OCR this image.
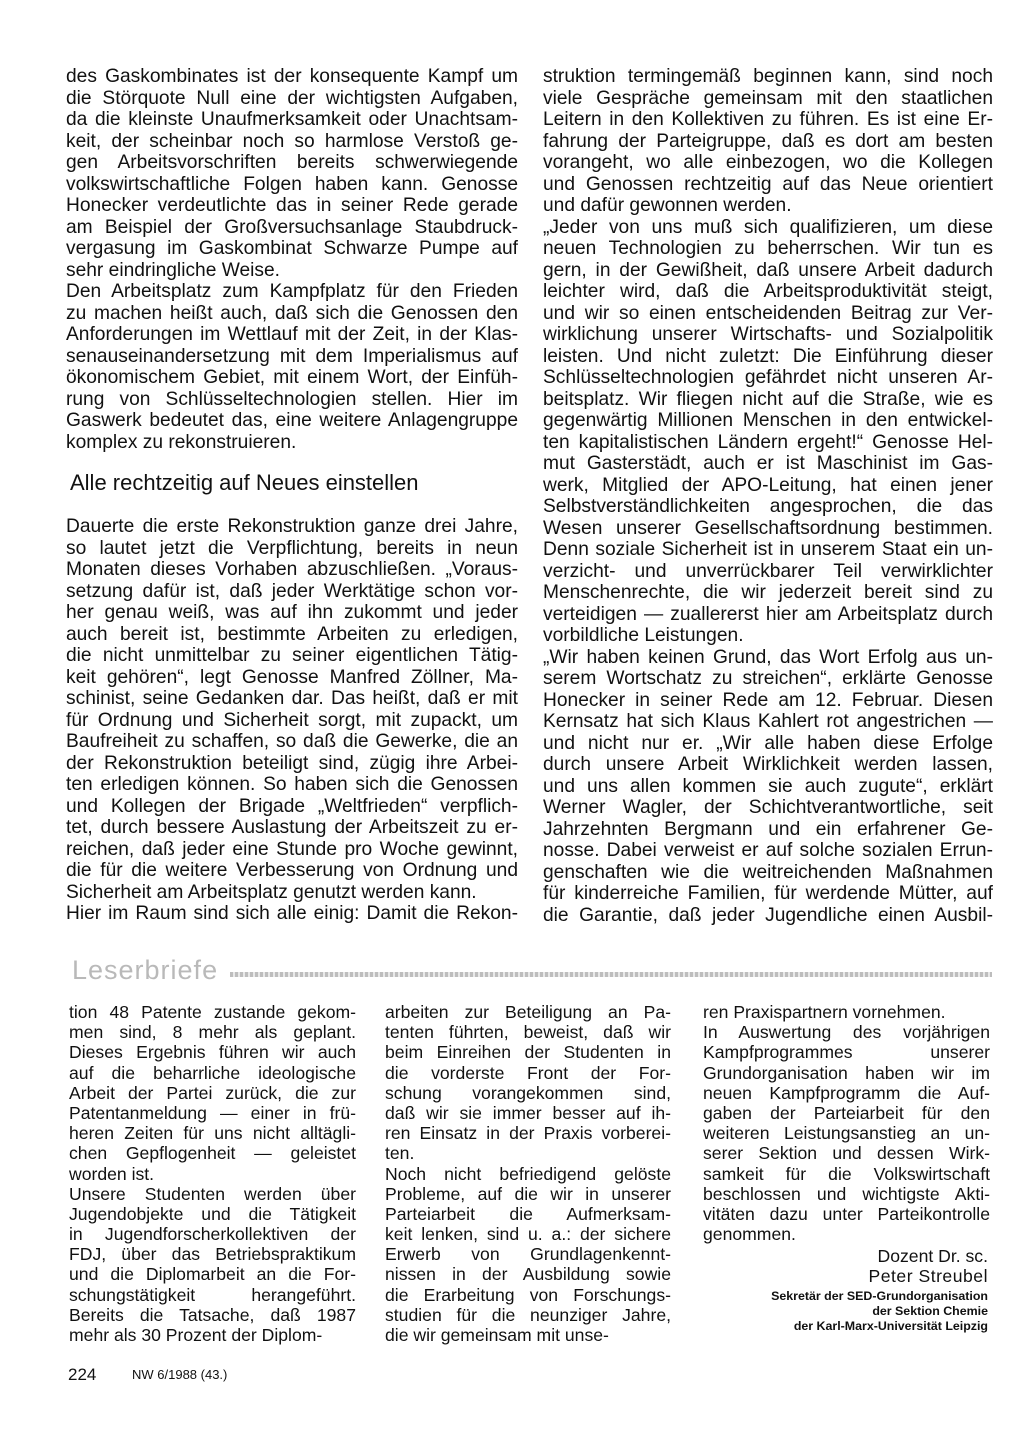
des Gaskombinates ist der konsequente Kampf um
die Störquote Null eine der wichtigsten Aufgaben,
da die kleinste Unaufmerksamkeit oder Unachtsam-
keit, der scheinbar noch so harmlose Verstoß ge-
gen Arbeitsvorschriften bereits schwerwiegende
volkswirtschaftliche Folgen haben kann. Genosse
Honecker verdeutlichte das in seiner Rede gerade
am Beispiel der Großversuchsanlage Staubdruck-
vergasung im Gaskombinat Schwarze Pumpe auf
sehr eindringliche Weise.
Den Arbeitsplatz zum Kampfplatz für den Frieden
zu machen heißt auch, daß sich die Genossen den
Anforderungen im Wettlauf mit der Zeit, in der Klas-
senauseinandersetzung mit dem Imperialismus auf
ökonomischem Gebiet, mit einem Wort, der Einfüh-
rung von Schlüsseltechnologien stellen. Hier im
Gaswerk bedeutet das, eine weitere Anlagengruppe
komplex zu rekonstruieren.
struktion termingemäß beginnen kann, sind noch
viele Gespräche gemeinsam mit den staatlichen
Leitern in den Kollektiven zu führen. Es ist eine Er-
fahrung der Parteigruppe, daß es dort am besten
vorangeht, wo alle einbezogen, wo die Kollegen
und Genossen rechtzeitig auf das Neue orientiert
und dafür gewonnen werden.
„Jeder von uns muß sich qualifizieren, um diese
neuen Technologien zu beherrschen. Wir tun es
gern, in der Gewißheit, daß unsere Arbeit dadurch
leichter wird, daß die Arbeitsproduktivität steigt,
und wir so einen entscheidenden Beitrag zur Ver-
wirklichung unserer Wirtschafts- und Sozialpolitik
leisten. Und nicht zuletzt: Die Einführung dieser
Schlüsseltechnologien gefährdet nicht unseren Ar-
beitsplatz. Wir fliegen nicht auf die Straße, wie es
gegenwärtig Millionen Menschen in den entwickel-
ten kapitalistischen Ländern ergeht!“ Genosse Hel-
mut Gasterstädt, auch er ist Maschinist im Gas-
werk, Mitglied der APO-Leitung, hat einen jener
Selbstverständlichkeiten angesprochen, die das
Wesen unserer Gesellschaftsordnung bestimmen.
Denn soziale Sicherheit ist in unserem Staat ein un-
verzicht- und unverrückbarer Teil verwirklichter
Menschenrechte, die wir jederzeit bereit sind zu
verteidigen — zuallererst hier am Arbeitsplatz durch
vorbildliche Leistungen.
„Wir haben keinen Grund, das Wort Erfolg aus un-
serem Wortschatz zu streichen“, erklärte Genosse
Honecker in seiner Rede am 12. Februar. Diesen
Kernsatz hat sich Klaus Kahlert rot angestrichen —
und nicht nur er. „Wir alle haben diese Erfolge
durch unsere Arbeit Wirklichkeit werden lassen,
und uns allen kommen sie auch zugute“, erklärt
Werner Wagler, der Schichtverantwortliche, seit
Jahrzehnten Bergmann und ein erfahrener Ge-
nosse. Dabei verweist er auf solche sozialen Errun-
genschaften wie die weitreichenden Maßnahmen
für kinderreiche Familien, für werdende Mütter, auf
die Garantie, daß jeder Jugendliche einen Ausbil-
Alle rechtzeitig auf Neues einstellen
Dauerte die erste Rekonstruktion ganze drei Jahre,
so lautet jetzt die Verpflichtung, bereits in neun
Monaten dieses Vorhaben abzuschließen. „Voraus-
setzung dafür ist, daß jeder Werktätige schon vor-
her genau weiß, was auf ihn zukommt und jeder
auch bereit ist, bestimmte Arbeiten zu erledigen,
die nicht unmittelbar zu seiner eigentlichen Tätig-
keit gehören“, legt Genosse Manfred Zöllner, Ma-
schinist, seine Gedanken dar. Das heißt, daß er mit
für Ordnung und Sicherheit sorgt, mit zupackt, um
Baufreiheit zu schaffen, so daß die Gewerke, die an
der Rekonstruktion beteiligt sind, zügig ihre Arbei-
ten erledigen können. So haben sich die Genossen
und Kollegen der Brigade „Weltfrieden“ verpflich-
tet, durch bessere Auslastung der Arbeitszeit zu er-
reichen, daß jeder eine Stunde pro Woche gewinnt,
die für die weitere Verbesserung von Ordnung und
Sicherheit am Arbeitsplatz genutzt werden kann.
Hier im Raum sind sich alle einig: Damit die Rekon-
Leserbriefe
tion 48 Patente zustande gekom-
men sind, 8 mehr als geplant.
Dieses Ergebnis führen wir auch
auf die beharrliche ideologische
Arbeit der Partei zurück, die zur
Patentanmeldung — einer in frü-
heren Zeiten für uns nicht alltägli-
chen Gepflogenheit — geleistet
worden ist.
Unsere Studenten werden über
Jugendobjekte und die Tätigkeit
in Jugendforscherkollektiven der
FDJ, über das Betriebspraktikum
und die Diplomarbeit an die For-
schungstätigkeit herangeführt.
Bereits die Tatsache, daß 1987
mehr als 30 Prozent der Diplom-
arbeiten zur Beteiligung an Pa-
tenten führten, beweist, daß wir
beim Einreihen der Studenten in
die vorderste Front der For-
schung vorangekommen sind,
daß wir sie immer besser auf ih-
ren Einsatz in der Praxis vorberei-
ten.
Noch nicht befriedigend gelöste
Probleme, auf die wir in unserer
Parteiarbeit die Aufmerksam-
keit lenken, sind u. a.: der sichere
Erwerb von Grundlagenkennt-
nissen in der Ausbildung sowie
die Erarbeitung von Forschungs-
studien für die neunziger Jahre,
die wir gemeinsam mit unse-
ren Praxispartnern vornehmen.
In Auswertung des vorjährigen
Kampfprogrammes unserer
Grundorganisation haben wir im
neuen Kampfprogramm die Auf-
gaben der Parteiarbeit für den
weiteren Leistungsanstieg an un-
serer Sektion und dessen Wirk-
samkeit für die Volkswirtschaft
beschlossen und wichtigste Akti-
vitäten dazu unter Parteikontrolle
genommen.
Dozent Dr. sc.
Peter Streubel
Sekretär der SED-Grundorganisation
der Sektion Chemie
der Karl-Marx-Universität Leipzig
224	NW 6/1988 (43.)
